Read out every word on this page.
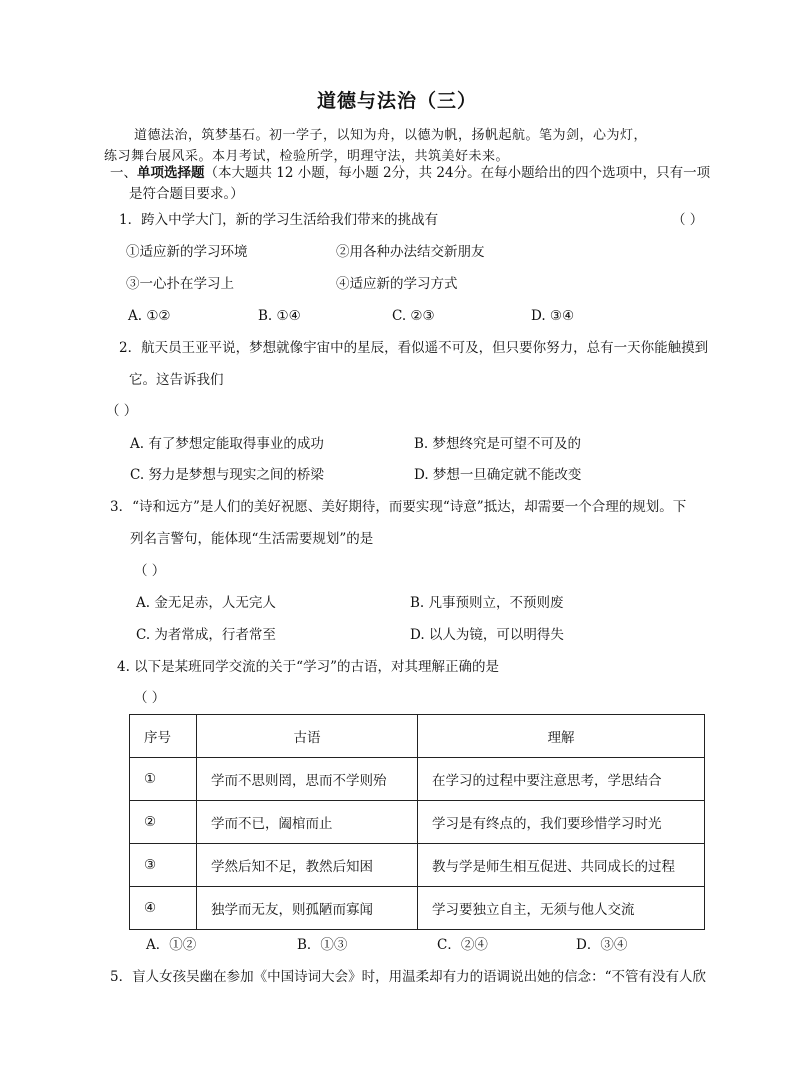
道德与法治（三）
道德法治，筑梦基石。初一学子，以知为舟，以德为帆，扬帆起航。笔为剑，心为灯，
练习舞台展风采。本月考试，检验所学，明理守法，共筑美好未来。
一、单项选择题（本大题共 12 小题，每小题 2分，共 24分。在每小题给出的四个选项中，只有一项
是符合题目要求。）
1．跨入中学大门，新的学习生活给我们带来的挑战有	（ ）
①适应新的学习环境	②用各种办法结交新朋友
③一心扑在学习上	④适应新的学习方式
A. ①②	B. ①④	C. ②③	D. ③④
2．航天员王亚平说，梦想就像宇宙中的星辰，看似遥不可及，但只要你努力，总有一天你能触摸到
它。这告诉我们
（ ）
A. 有了梦想定能取得事业的成功	B. 梦想终究是可望不可及的
C. 努力是梦想与现实之间的桥梁	D. 梦想一旦确定就不能改变
3．“诗和远方”是人们的美好祝愿、美好期待，而要实现“诗意”抵达，却需要一个合理的规划。下
列名言警句，能体现“生活需要规划”的是
（ ）
A. 金无足赤，人无完人	B. 凡事预则立，不预则废
C. 为者常成，行者常至	D. 以人为镜，可以明得失
4. 以下是某班同学交流的关于“学习”的古语，对其理解正确的是
（ ）
序号	古语	理解
①	学而不思则罔，思而不学则殆	在学习的过程中要注意思考，学思结合
②	学而不已，阖棺而止	学习是有终点的，我们要珍惜学习时光
③	学然后知不足，教然后知困	教与学是师生相互促进、共同成长的过程
④	独学而无友，则孤陋而寡闻	学习要独立自主，无须与他人交流
A．①②	B．①③	C．②④	D．③④
5．盲人女孩吴幽在参加《中国诗词大会》时，用温柔却有力的语调说出她的信念：“不管有没有人欣
